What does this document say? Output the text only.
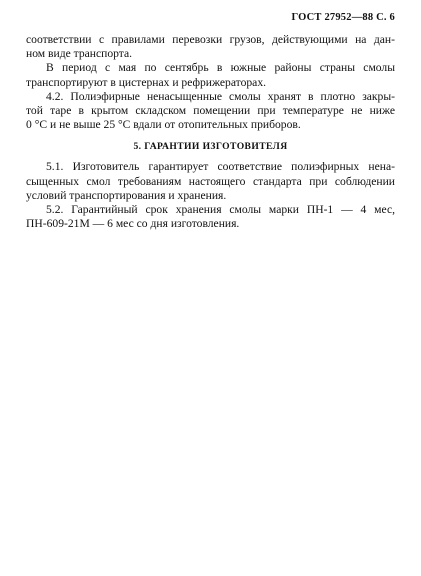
ГОСТ 27952—88 С. 6

соответствии с правилами перевозки грузов, действующими на дан-
ном виде транспорта.

В период с мая по сентябрь в южные районы страны смолы
транспортируют в цистернах и рефрижераторах.

4.2. Полиэфирные ненасыщенные смолы хранят в плотно закры-
той таре в крытом складском помещении при температуре не ниже
0 °С и не выше 25 °С вдали от отопительных приборов.

5. ГАРАНТИИ ИЗГОТОВИТЕЛЯ

5.1. Изготовитель гарантирует соответствие полиэфирных нена-
сыщенных смол требованиям настоящего стандарта при соблюдении
условий транспортирования и хранения.

5.2. Гарантийный срок хранения смолы марки ПН-1 — 4 мес,
ПН-609-21М — 6 мес со дня изготовления.
